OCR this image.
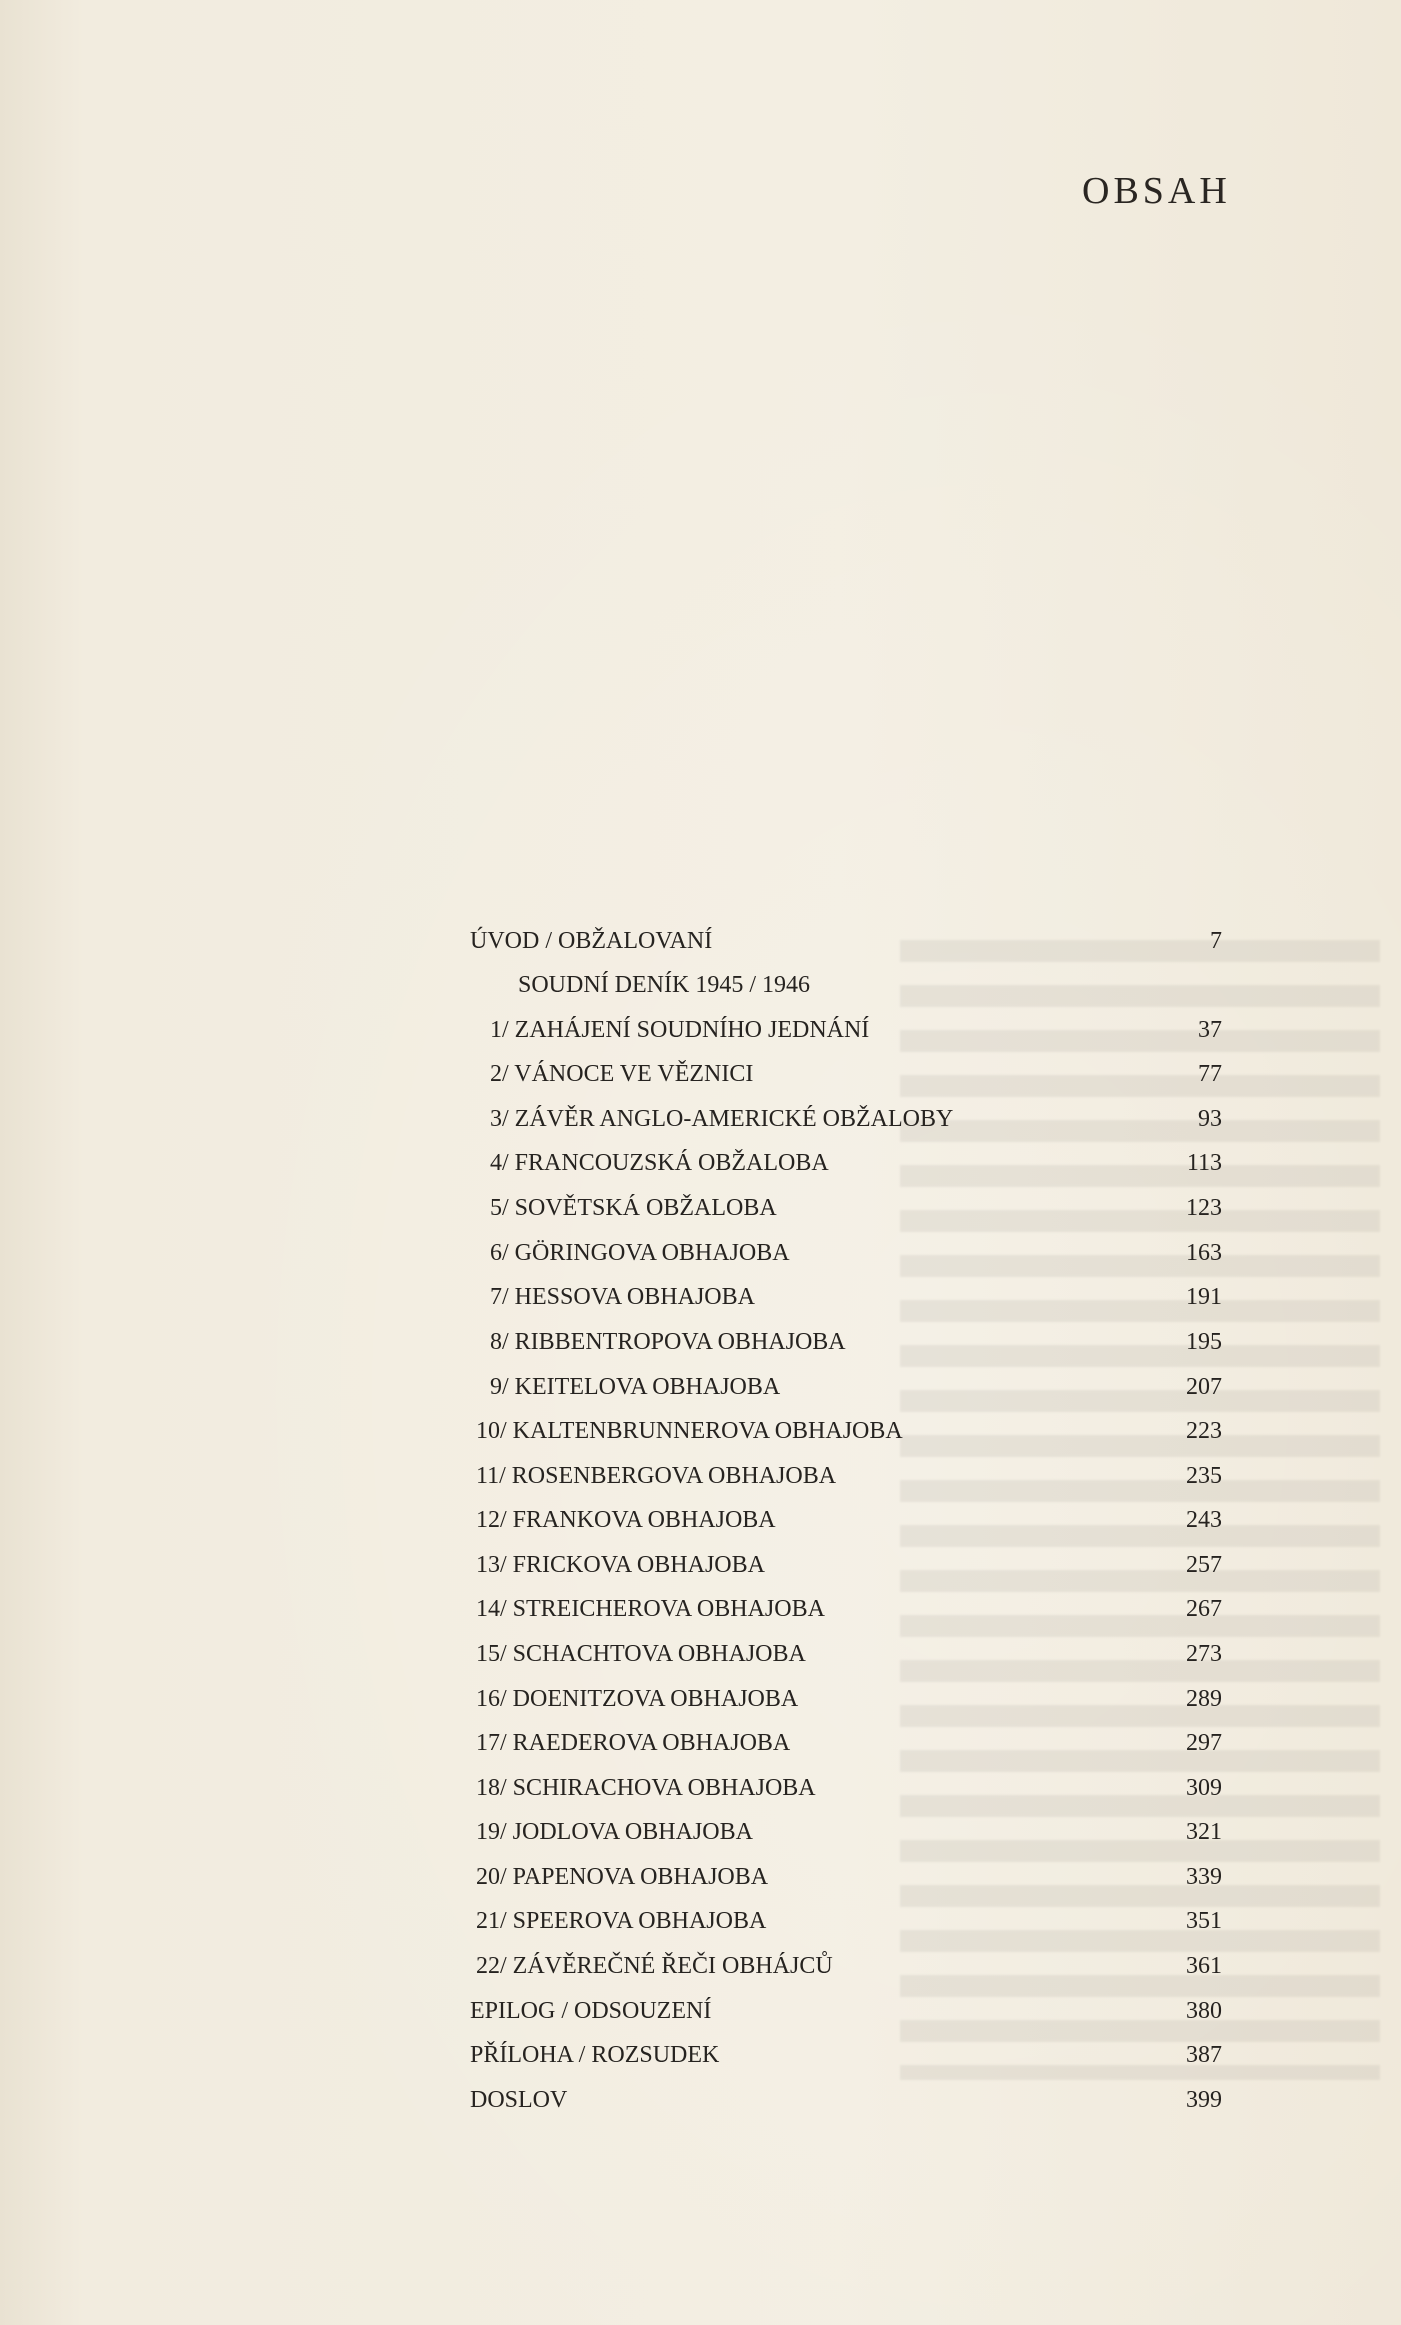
OBSAH
ÚVOD / OBŽALOVANÍ	7
SOUDNÍ DENÍK 1945 / 1946
1/ ZAHÁJENÍ SOUDNÍHO JEDNÁNÍ	37
2/ VÁNOCE VE VĚZNICI	77
3/ ZÁVĚR ANGLO-AMERICKÉ OBŽALOBY	93
4/ FRANCOUZSKÁ OBŽALOBA	113
5/ SOVĚTSKÁ OBŽALOBA	123
6/ GÖRINGOVA OBHAJOBA	163
7/ HESSOVA OBHAJOBA	191
8/ RIBBENTROPOVA OBHAJOBA	195
9/ KEITELOVA OBHAJOBA	207
10/ KALTENBRUNNEROVA OBHAJOBA	223
11/ ROSENBERGOVA OBHAJOBA	235
12/ FRANKOVA OBHAJOBA	243
13/ FRICKOVA OBHAJOBA	257
14/ STREICHEROVA OBHAJOBA	267
15/ SCHACHTOVA OBHAJOBA	273
16/ DOENITZOVA OBHAJOBA	289
17/ RAEDEROVA OBHAJOBA	297
18/ SCHIRACHOVA OBHAJOBA	309
19/ JODLOVA OBHAJOBA	321
20/ PAPENOVA OBHAJOBA	339
21/ SPEEROVA OBHAJOBA	351
22/ ZÁVĚREČNÉ ŘEČI OBHÁJCŮ	361
EPILOG / ODSOUZENÍ	380
PŘÍLOHA / ROZSUDEK	387
DOSLOV	399
